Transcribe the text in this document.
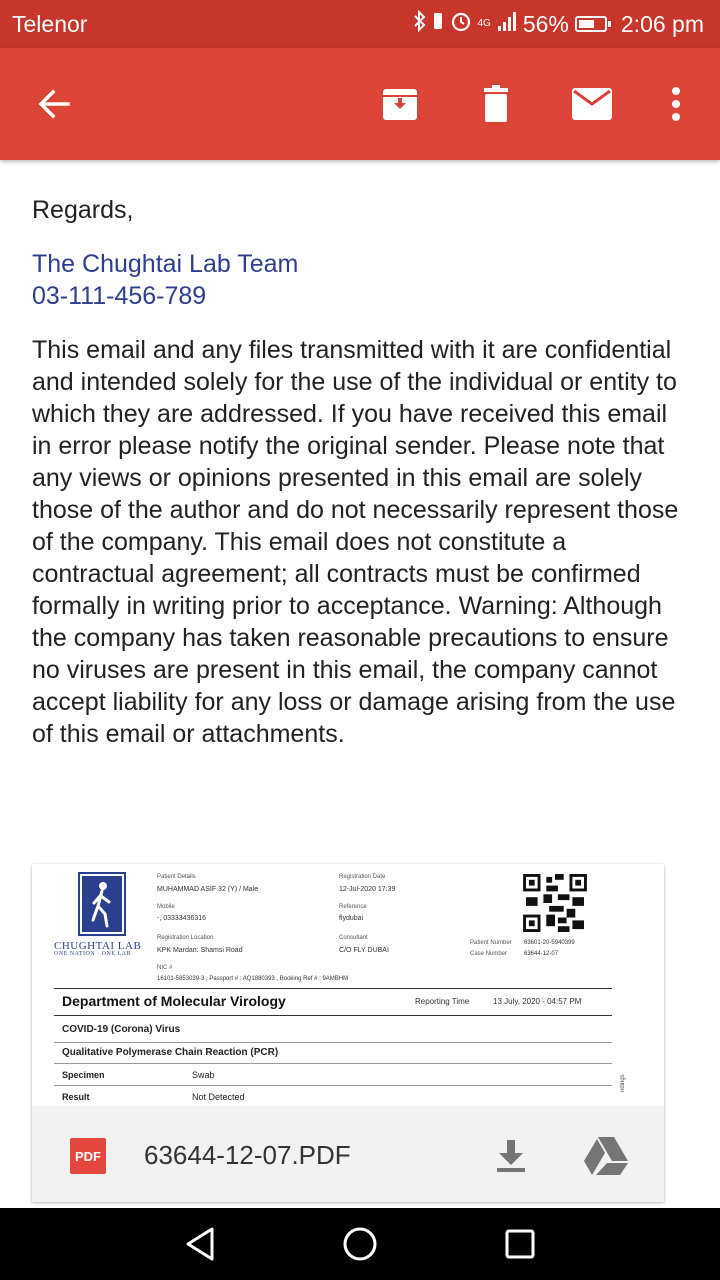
Telenor	4G 56% 2:06 pm
Regards,
The Chughtai Lab Team
03-111-456-789
This email and any files transmitted with it are confidential and intended solely for the use of the individual or entity to which they are addressed. If you have received this email in error please notify the original sender. Please note that any views or opinions presented in this email are solely those of the author and do not necessarily represent those of the company. This email does not constitute a contractual agreement; all contracts must be confirmed formally in writing prior to acceptance. Warning: Although the company has taken reasonable precautions to ensure no viruses are present in this email, the company cannot accept liability for any loss or damage arising from the use of this email or attachments.
CHUGHTAI LAB
ONE NATION · ONE LAB
Patient Details
MUHAMMAD ASIF 32 (Y) / Male
Mobile
-, 03333436316
Registration Location
KPK Mardan: Shamsi Road
NIC #
16101-5853039-3 , Passport # : AQ1880393 , Booking Ref # : 9AMBHM
Registration Date
12-Jul-2020 17:39
Reference
flydubai
Consultant
C/O FLY DUBAI
Patient Number 63601-20-5940399
Case Number	63644-12-07
Department of Molecular Virology	Reporting Time	13 July, 2020 - 04:57 PM
COVID-19 (Corona) Virus
Qualitative Polymerase Chain Reaction (PCR)
Specimen	Swab
Result	Not Detected
ndings
PDF 63644-12-07.PDF
